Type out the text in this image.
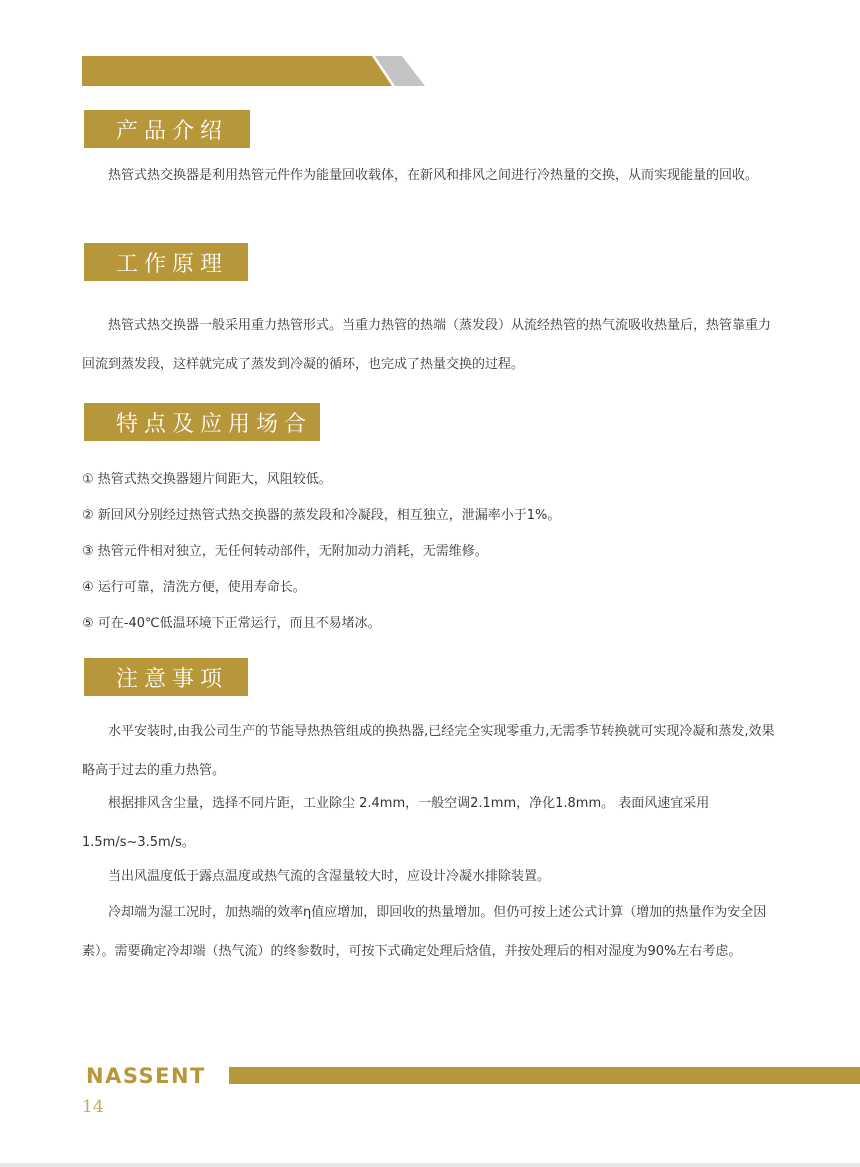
产品介绍

热管式热交换器是利用热管元件作为能量回收载体，在新风和排风之间进行冷热量的交换，从而实现能量的回收。

工作原理

热管式热交换器一般采用重力热管形式。当重力热管的热端（蒸发段）从流经热管的热气流吸收热量后，热管靠重力回流到蒸发段，这样就完成了蒸发到冷凝的循环，也完成了热量交换的过程。

特点及应用场合
① 热管式热交换器翅片间距大，风阻较低。
② 新回风分别经过热管式热交换器的蒸发段和冷凝段，相互独立，泄漏率小于1%。
③ 热管元件相对独立，无任何转动部件，无附加动力消耗，无需维修。
④ 运行可靠，清洗方便，使用寿命长。
⑤ 可在-40℃低温环境下正常运行，而且不易堵冰。
注意事项

水平安装时,由我公司生产的节能导热热管组成的换热器,已经完全实现零重力,无需季节转换就可实现冷凝和蒸发,效果略高于过去的重力热管。

根据排风含尘量，选择不同片距，工业除尘 2.4mm，一般空调2.1mm，净化1.8mm。 表面风速宜采用1.5m/s~3.5m/s。

当出风温度低于露点温度或热气流的含湿量较大时，应设计冷凝水排除装置。

冷却端为湿工况时，加热端的效率η值应增加，即回收的热量增加。但仍可按上述公式计算（增加的热量作为安全因素）。需要确定冷却端（热气流）的终参数时，可按下式确定处理后焓值，并按处理后的相对湿度为90%左右考虑。

NASSENT
14
